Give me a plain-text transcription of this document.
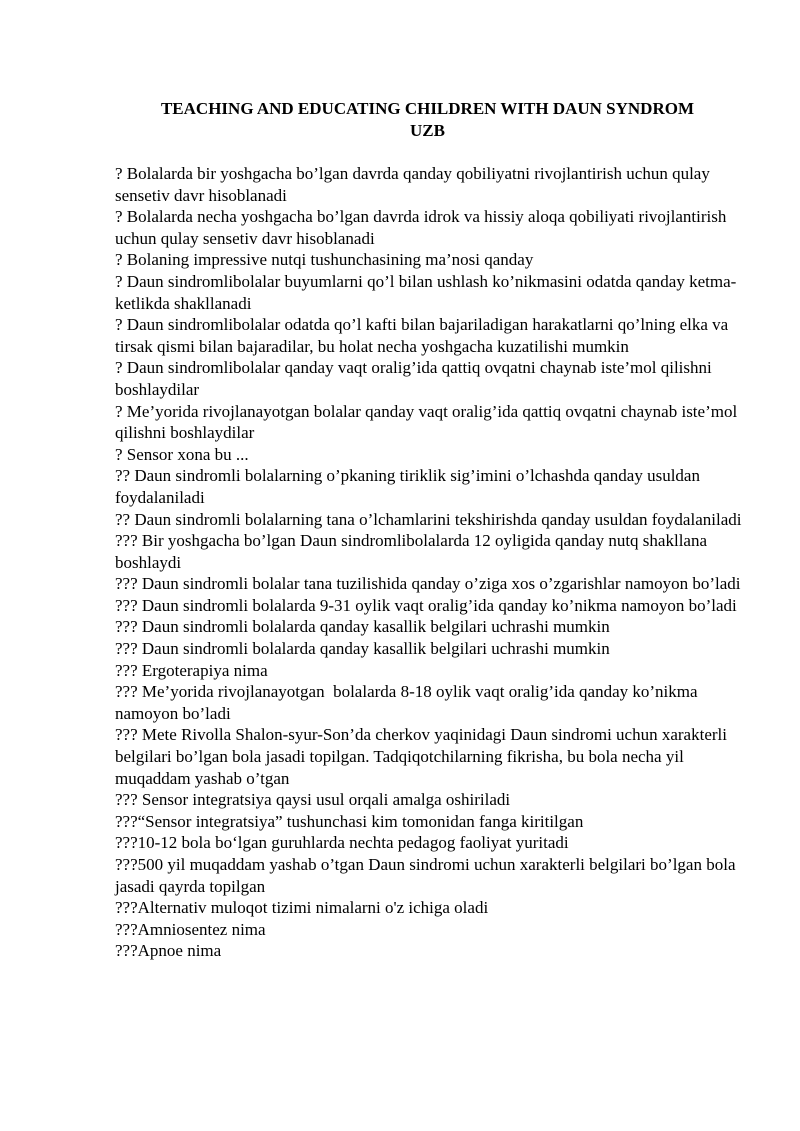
TEACHING AND EDUCATING CHILDREN WITH DAUN SYNDROM
UZB
? Bolalarda bir yoshgacha bo’lgan davrda qanday qobiliyatni rivojlantirish uchun qulay sensetiv davr hisoblanadi
? Bolalarda necha yoshgacha bo’lgan davrda idrok va hissiy aloqa qobiliyati rivojlantirish uchun qulay sensetiv davr hisoblanadi
? Bolaning impressive nutqi tushunchasining ma’nosi qanday
? Daun sindromlibolalar buyumlarni qo’l bilan ushlash ko’nikmasini odatda qanday ketma-ketlikda shakllanadi
? Daun sindromlibolalar odatda qo’l kafti bilan bajariladigan harakatlarni qo’lning elka va tirsak qismi bilan bajaradilar, bu holat necha yoshgacha kuzatilishi mumkin
? Daun sindromlibolalar qanday vaqt oralig’ida qattiq ovqatni chaynab iste’mol qilishni boshlaydilar
? Me’yorida rivojlanayotgan bolalar qanday vaqt oralig’ida qattiq ovqatni chaynab iste’mol qilishni boshlaydilar
? Sensor xona bu ...
?? Daun sindromli bolalarning o’pkaning tiriklik sig’imini o’lchashda qanday usuldan foydalaniladi
?? Daun sindromli bolalarning tana o’lchamlarini tekshirishda qanday usuldan foydalaniladi
??? Bir yoshgacha bo’lgan Daun sindromlibolalarda 12 oyligida qanday nutq shakllana boshlaydi
??? Daun sindromli bolalar tana tuzilishida qanday o’ziga xos o’zgarishlar namoyon bo’ladi
??? Daun sindromli bolalarda 9-31 oylik vaqt oralig’ida qanday ko’nikma namoyon bo’ladi
??? Daun sindromli bolalarda qanday kasallik belgilari uchrashi mumkin
??? Daun sindromli bolalarda qanday kasallik belgilari uchrashi mumkin
??? Ergoterapiya nima
??? Me’yorida rivojlanayotgan  bolalarda 8-18 oylik vaqt oralig’ida qanday ko’nikma namoyon bo’ladi
??? Mete Rivolla Shalon-syur-Son’da cherkov yaqinidagi Daun sindromi uchun xarakterli belgilari bo’lgan bola jasadi topilgan. Tadqiqotchilarning fikrisha, bu bola necha yil muqaddam yashab o’tgan
??? Sensor integratsiya qaysi usul orqali amalga oshiriladi
???“Sensor integratsiya” tushunchasi kim tomonidan fanga kiritilgan
???10-12 bola bo‘lgan guruhlarda nechta pedagog faoliyat yuritadi
???500 yil muqaddam yashab o’tgan Daun sindromi uchun xarakterli belgilari bo’lgan bola jasadi qayrda topilgan
???Alternativ muloqot tizimi nimalarni o'z ichiga oladi
???Amniosentez nima
???Apnoe nima
